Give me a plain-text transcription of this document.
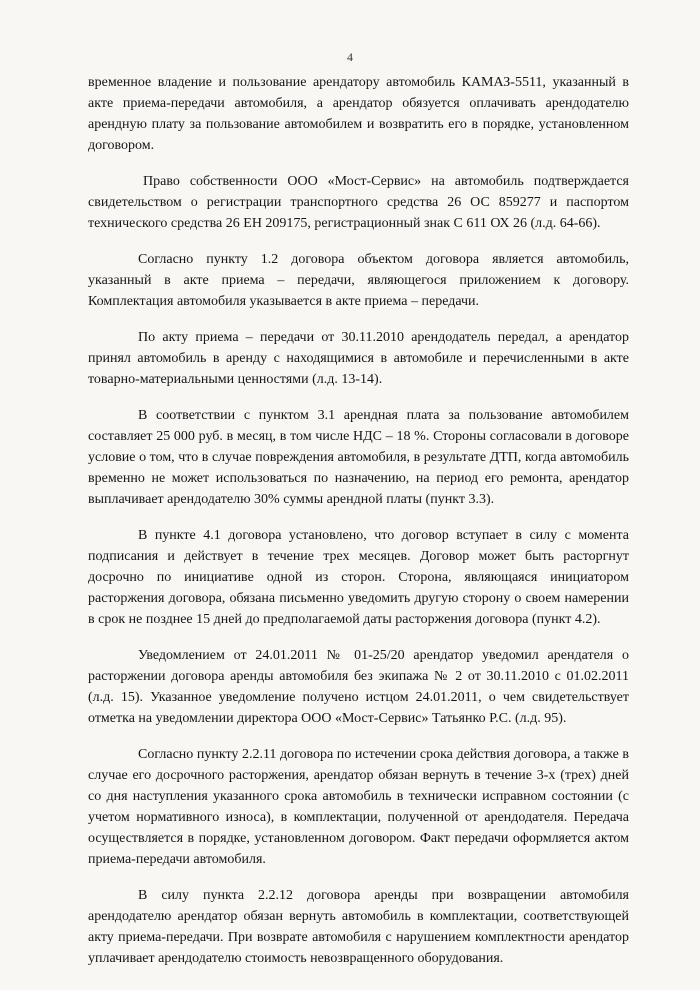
4

временное владение и пользование арендатору автомобиль КАМАЗ-5511, указанный в акте приема-передачи автомобиля, а арендатор обязуется оплачивать арендодателю арендную плату за пользование автомобилем и возвратить его в порядке, установленном договором.

Право собственности ООО «Мост-Сервис» на автомобиль подтверждается свидетельством о регистрации транспортного средства 26 ОС 859277 и паспортом технического средства 26 ЕН 209175, регистрационный знак С 611 ОХ 26 (л.д. 64-66).

Согласно пункту 1.2 договора объектом договора является автомобиль, указанный в акте приема – передачи, являющегося приложением к договору. Комплектация автомобиля указывается в акте приема – передачи.

По акту приема – передачи от 30.11.2010 арендодатель передал, а арендатор принял автомобиль в аренду с находящимися в автомобиле и перечисленными в акте товарно-материальными ценностями (л.д. 13-14).

В соответствии с пунктом 3.1 арендная плата за пользование автомобилем составляет 25 000 руб. в месяц, в том числе НДС – 18 %. Стороны согласовали в договоре условие о том, что в случае повреждения автомобиля, в результате ДТП, когда автомобиль временно не может использоваться по назначению, на период его ремонта, арендатор выплачивает арендодателю 30% суммы арендной платы (пункт 3.3).

В пункте 4.1 договора установлено, что договор вступает в силу с момента подписания и действует в течение трех месяцев. Договор может быть расторгнут досрочно по инициативе одной из сторон. Сторона, являющаяся инициатором расторжения договора, обязана письменно уведомить другую сторону о своем намерении в срок не позднее 15 дней до предполагаемой даты расторжения договора (пункт 4.2).

Уведомлением от 24.01.2011 № 01-25/20 арендатор уведомил арендателя о расторжении договора аренды автомобиля без экипажа № 2 от 30.11.2010 с 01.02.2011 (л.д. 15). Указанное уведомление получено истцом 24.01.2011, о чем свидетельствует отметка на уведомлении директора ООО «Мост-Сервис» Татьянко Р.С. (л.д. 95).

Согласно пункту 2.2.11 договора по истечении срока действия договора, а также в случае его досрочного расторжения, арендатор обязан вернуть в течение 3-х (трех) дней со дня наступления указанного срока автомобиль в технически исправном состоянии (с учетом нормативного износа), в комплектации, полученной от арендодателя. Передача осуществляется в порядке, установленном договором. Факт передачи оформляется актом приема-передачи автомобиля.

В силу пункта 2.2.12 договора аренды при возвращении автомобиля арендодателю арендатор обязан вернуть автомобиль в комплектации, соответствующей акту приема-передачи. При возврате автомобиля с нарушением комплектности арендатор уплачивает арендодателю стоимость невозвращенного оборудования.
